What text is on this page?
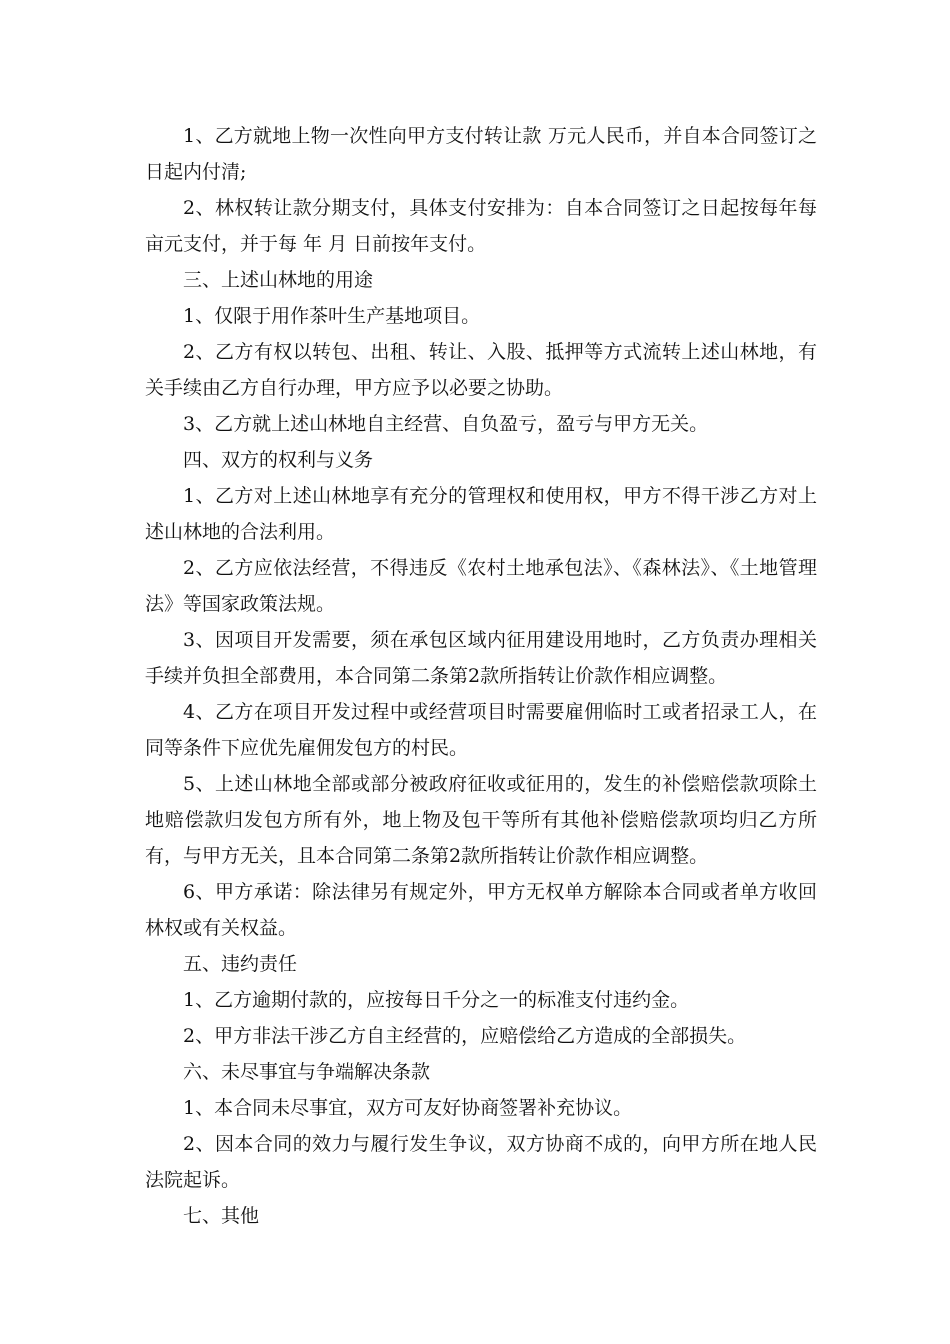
1、乙方就地上物一次性向甲方支付转让款 万元人民币，并自本合同签订之日起内付清;

2、林权转让款分期支付，具体支付安排为：自本合同签订之日起按每年每亩元支付，并于每 年 月 日前按年支付。

三、上述山林地的用途

1、仅限于用作茶叶生产基地项目。

2、乙方有权以转包、出租、转让、入股、抵押等方式流转上述山林地，有关手续由乙方自行办理，甲方应予以必要之协助。

3、乙方就上述山林地自主经营、自负盈亏，盈亏与甲方无关。

四、双方的权利与义务

1、乙方对上述山林地享有充分的管理权和使用权，甲方不得干涉乙方对上述山林地的合法利用。

2、乙方应依法经营，不得违反《农村土地承包法》、《森林法》、《土地管理法》等国家政策法规。

3、因项目开发需要，须在承包区域内征用建设用地时，乙方负责办理相关手续并负担全部费用，本合同第二条第2款所指转让价款作相应调整。

4、乙方在项目开发过程中或经营项目时需要雇佣临时工或者招录工人，在同等条件下应优先雇佣发包方的村民。

5、上述山林地全部或部分被政府征收或征用的，发生的补偿赔偿款项除土地赔偿款归发包方所有外，地上物及包干等所有其他补偿赔偿款项均归乙方所有，与甲方无关，且本合同第二条第2款所指转让价款作相应调整。

6、甲方承诺：除法律另有规定外，甲方无权单方解除本合同或者单方收回林权或有关权益。

五、违约责任

1、乙方逾期付款的，应按每日千分之一的标准支付违约金。

2、甲方非法干涉乙方自主经营的，应赔偿给乙方造成的全部损失。

六、未尽事宜与争端解决条款

1、本合同未尽事宜，双方可友好协商签署补充协议。

2、因本合同的效力与履行发生争议，双方协商不成的，向甲方所在地人民法院起诉。

七、其他
